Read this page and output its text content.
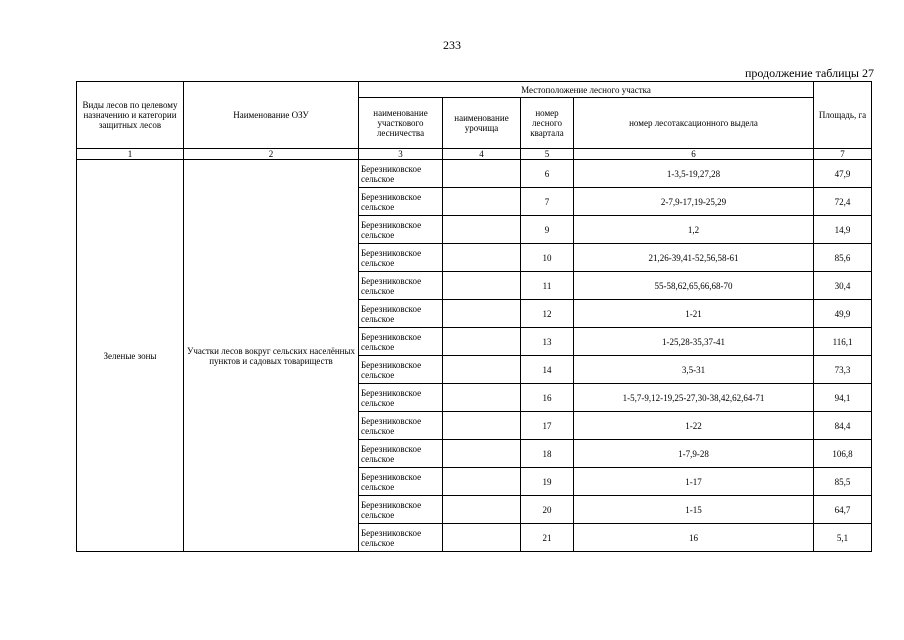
233
продолжение таблицы 27
Виды лесов по целевому назначению и категории защитных лесов	Наименование ОЗУ	Местоположение лесного участка				Площадь, га
		наименование участкового лесничества	наименование урочища	номер лесного квартала	номер лесотаксационного выдела	
1	2	3	4	5	6	7
Зеленые зоны	Участки лесов вокруг сельских населённых пунктов и садовых товариществ	Березниковское сельское		6	1-3,5-19,27,28	47,9
		Березниковское сельское		7	2-7,9-17,19-25,29	72,4
		Березниковское сельское		9	1,2	14,9
		Березниковское сельское		10	21,26-39,41-52,56,58-61	85,6
		Березниковское сельское		11	55-58,62,65,66,68-70	30,4
		Березниковское сельское		12	1-21	49,9
		Березниковское сельское		13	1-25,28-35,37-41	116,1
		Березниковское сельское		14	3,5-31	73,3
		Березниковское сельское		16	1-5,7-9,12-19,25-27,30-38,42,62,64-71	94,1
		Березниковское сельское		17	1-22	84,4
		Березниковское сельское		18	1-7,9-28	106,8
		Березниковское сельское		19	1-17	85,5
		Березниковское сельское		20	1-15	64,7
		Березниковское сельское		21	16	5,1
